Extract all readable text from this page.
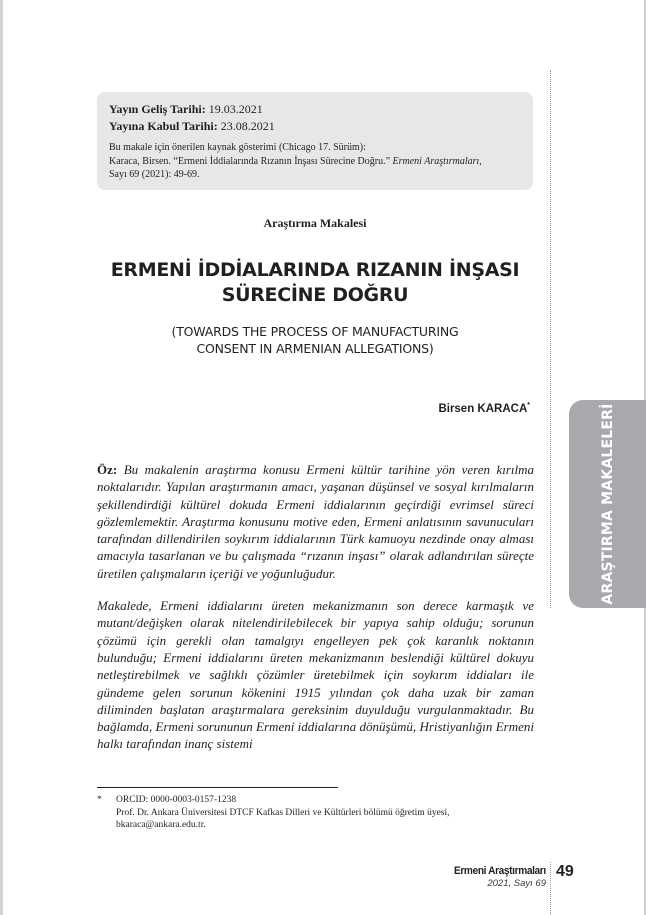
Yayın Geliş Tarihi: 19.03.2021
Yayına Kabul Tarihi: 23.08.2021
Bu makale için önerilen kaynak gösterimi (Chicago 17. Sürüm):
Karaca, Birsen. “Ermeni İddialarında Rızanın İnşası Sürecine Doğru.” Ermeni Araştırmaları,
Sayı 69 (2021): 49-69.
Araştırma Makalesi
ERMENİ İDDİALARINDA RIZANIN İNŞASI
SÜRECİNE DOĞRU
(TOWARDS THE PROCESS OF MANUFACTURING
CONSENT IN ARMENIAN ALLEGATIONS)
Birsen KARACA*	ARAŞTIRMA MAKALELERİ

Öz: Bu makalenin araştırma konusu Ermeni kültür tarihine yön veren kırılma noktalarıdır. Yapılan araştırmanın amacı, yaşanan düşünsel ve sosyal kırılmaların şekillendirdiği kültürel dokuda Ermeni iddialarının geçirdiği evrimsel süreci gözlemlemektir. Araştırma konusunu motive eden, Ermeni anlatısının savunucuları tarafından dillendirilen soykırım iddialarının Türk kamuoyu nezdinde onay alması amacıyla tasarlanan ve bu çalışmada “rızanın inşası” olarak adlandırılan süreçte üretilen çalışmaların içeriği ve yoğunluğudur.

Makalede, Ermeni iddialarını üreten mekanizmanın son derece karmaşık ve mutant/değişken olarak nitelendirilebilecek bir yapıya sahip olduğu; sorunun çözümü için gerekli olan tamalgıyı engelleyen pek çok karanlık noktanın bulunduğu; Ermeni iddialarını üreten mekanizmanın beslendiği kültürel dokuyu netleştirebilmek ve sağlıklı çözümler üretebilmek için soykırım iddiaları ile gündeme gelen sorunun kökenini 1915 yılından çok daha uzak bir zaman diliminden başlatan araştırmalara gereksinim duyulduğu vurgulanmaktadır. Bu bağlamda, Ermeni sorununun Ermeni iddialarına dönüşümü, Hristiyanlığın Ermeni halkı tarafından inanç sistemi

* ORCID: 0000-0003-0157-1238
Prof. Dr. Ankara Üniversitesi DTCF Kafkas Dilleri ve Kültürleri bölümü öğretim üyesi,
bkaraca@ankara.edu.tr.
Ermeni Araştırmaları
2021, Sayı 69
49
